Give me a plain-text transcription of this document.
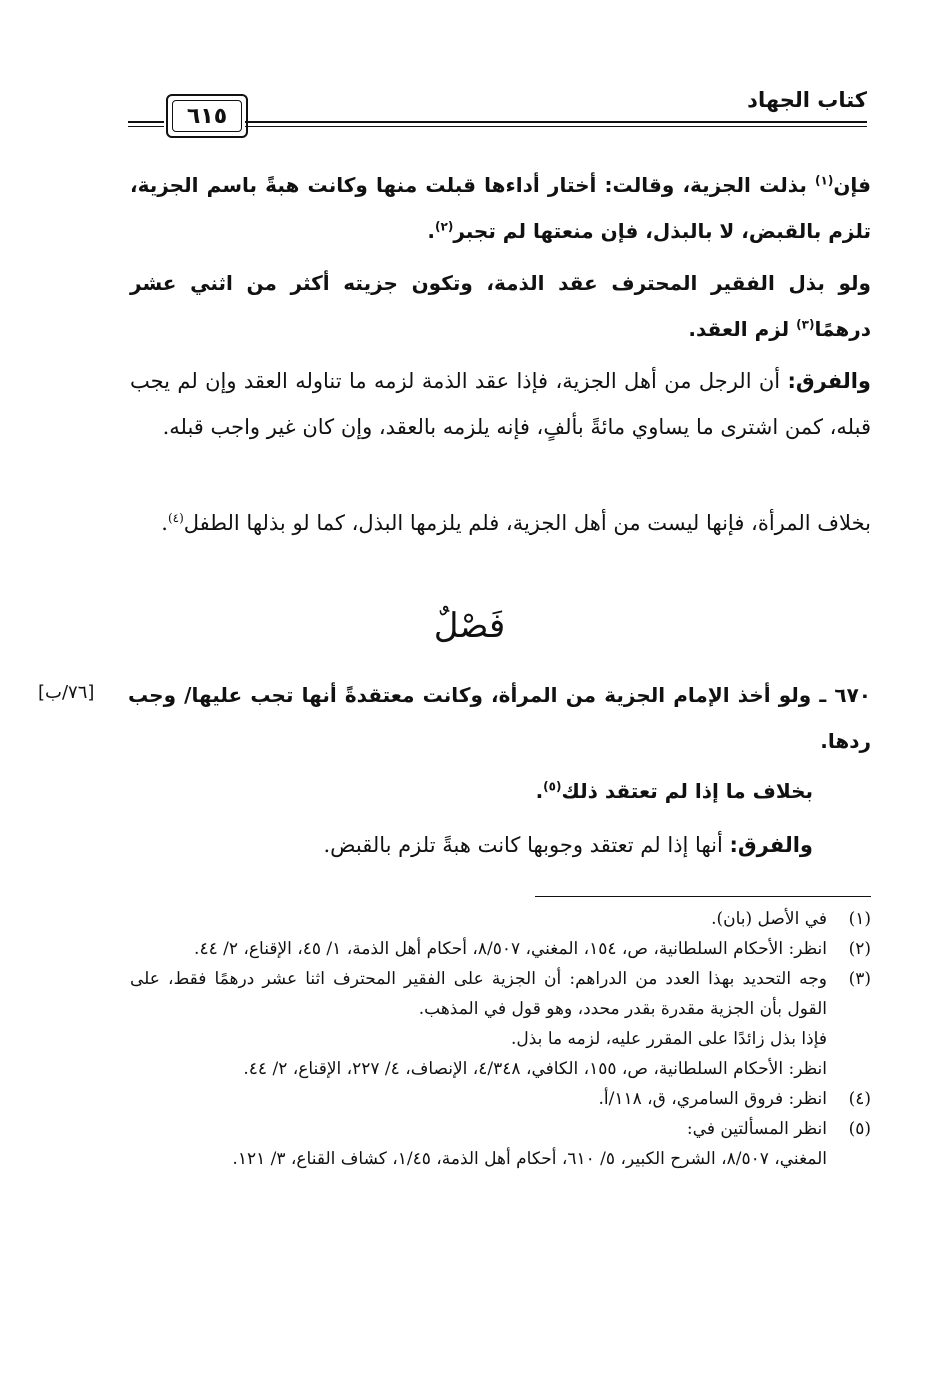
كتاب الجهاد
٦١٥
فإن$^{(١)}$ بذلت الجزية، وقالت: أختار أداءها قبلت منها وكانت هبةً باسم الجزية، تلزم بالقبض، لا بالبذل، فإن منعتها لم تجبر$^{(٢)}$.
ولو بذل الفقير المحترف عقد الذمة، وتكون جزيته أكثر من اثني عشر درهمًا$^{(٣)}$ لزم العقد.
والفرق: أن الرجل من أهل الجزية، فإذا عقد الذمة لزمه ما تناوله العقد وإن لم يجب قبله، كمن اشترى ما يساوي مائةً بألفٍ، فإنه يلزمه بالعقد، وإن كان غير واجب قبله.
بخلاف المرأة، فإنها ليست من أهل الجزية، فلم يلزمها البذل، كما لو بذلها الطفل$^{(٤)}$.
فَصْلٌ
٦٧٠ ـ ولو أخذ الإمام الجزية من المرأة، وكانت معتقدةً أنها تجب عليها/ وجب ردها.
[٧٦/ب]
بخلاف ما إذا لم تعتقد ذلك$^{(٥)}$.
والفرق: أنها إذا لم تعتقد وجوبها كانت هبةً تلزم بالقبض.
(١)
في الأصل (بان).
(٢)
انظر: الأحكام السلطانية، ص، ١٥٤، المغني، ٨/٥٠٧، أحكام أهل الذمة، ١/ ٤٥، الإقناع، ٢/ ٤٤.
(٣)
وجه التحديد بهذا العدد من الدراهم: أن الجزية على الفقير المحترف اثنا عشر درهمًا فقط، على القول بأن الجزية مقدرة بقدر محدد، وهو قول في المذهب.
فإذا بذل زائدًا على المقرر عليه، لزمه ما بذل.
انظر: الأحكام السلطانية، ص، ١٥٥، الكافي، ٤/٣٤٨، الإنصاف، ٤/ ٢٢٧، الإقناع، ٢/ ٤٤.
(٤)
انظر: فروق السامري، ق، ١١٨/أ.
(٥)
انظر المسألتين في:
المغني، ٨/٥٠٧، الشرح الكبير، ٥/ ٦١٠، أحكام أهل الذمة، ١/٤٥، كشاف القناع، ٣/ ١٢١.
